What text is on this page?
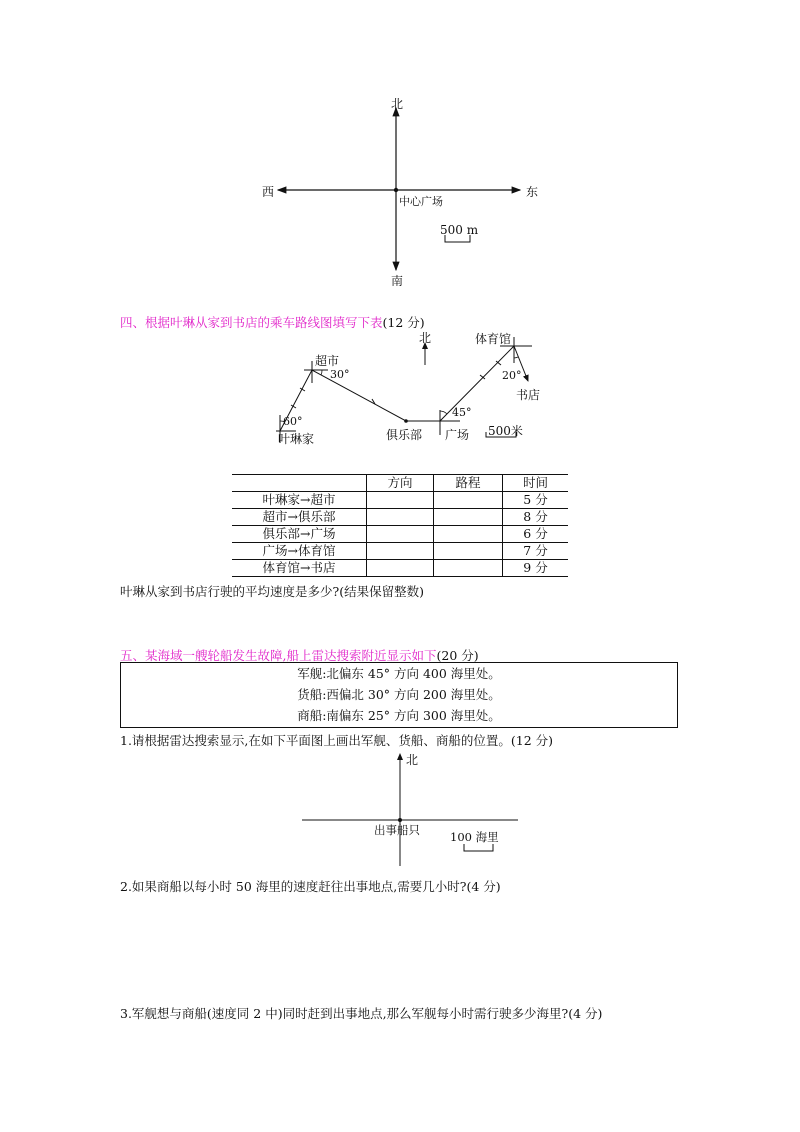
北
南
西	东
中心广场
500 m
四、根据叶琳从家到书店的乘车路线图填写下表(12 分)
北
超市
30°
60°
叶琳家	俱乐部 广场
45°
体育馆
20°
书店
500米
	方向	路程	时间
叶琳家→超市			5 分
超市→俱乐部			8 分
俱乐部→广场			6 分
广场→体育馆			7 分
体育馆→书店			9 分
叶琳从家到书店行驶的平均速度是多少?(结果保留整数)
五、某海域一艘轮船发生故障,船上雷达搜索附近显示如下(20 分)
军舰:北偏东 45° 方向 400 海里处。
货船:西偏北 30° 方向 200 海里处。
商船:南偏东 25° 方向 300 海里处。
1.请根据雷达搜索显示,在如下平面图上画出军舰、货船、商船的位置。(12 分)
北
出事船只	100 海里
2.如果商船以每小时 50 海里的速度赶往出事地点,需要几小时?(4 分)
3.军舰想与商船(速度同 2 中)同时赶到出事地点,那么军舰每小时需行驶多少海里?(4 分)
